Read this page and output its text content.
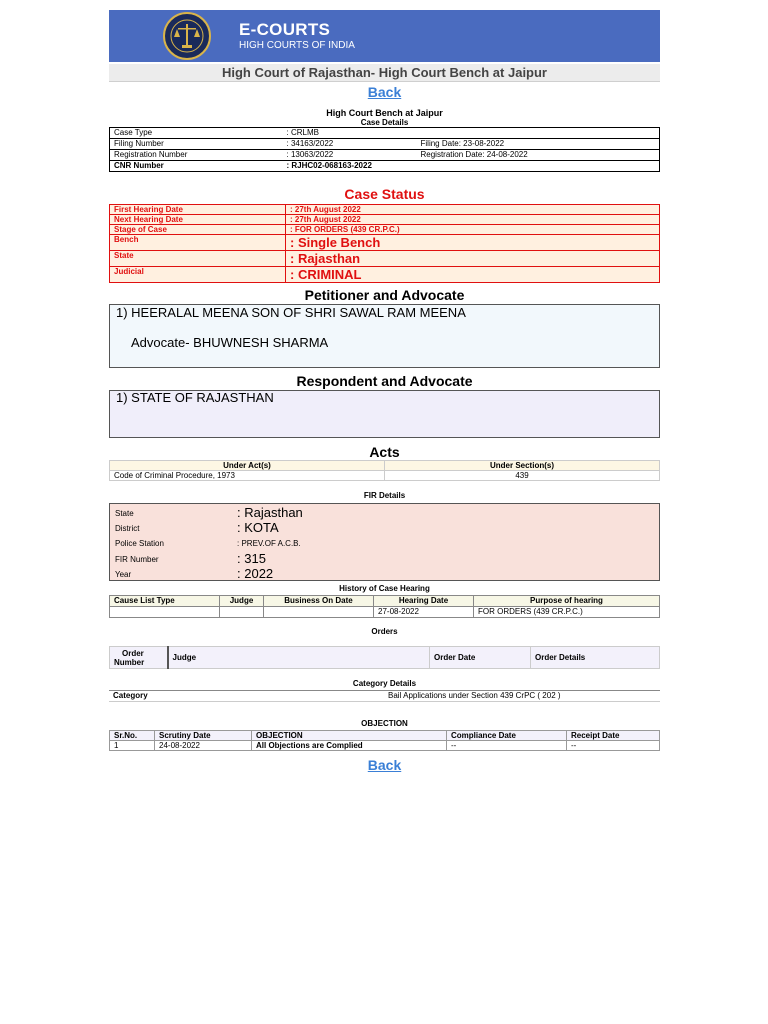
E-COURTS
HIGH COURTS OF INDIA
High Court of Rajasthan- High Court Bench at Jaipur
Back
High Court Bench at Jaipur
Case Details
Case Type	: CRLMB	
Filing Number	: 34163/2022	Filing Date: 23-08-2022
Registration Number	: 13063/2022	Registration Date: 24-08-2022
CNR Number	: RJHC02-068163-2022	
Case Status
First Hearing Date	: 27th August 2022
Next Hearing Date	: 27th August 2022
Stage of Case	: FOR ORDERS (439 CR.P.C.)
Bench	: Single Bench
State	: Rajasthan
Judicial	: CRIMINAL
Petitioner and Advocate
1) HEERALAL MEENA SON OF SHRI SAWAL RAM MEENA
Advocate- BHUWNESH SHARMA
Respondent and Advocate
1) STATE OF RAJASTHAN
Acts
Under Act(s)	Under Section(s)
Code of Criminal Procedure, 1973	439
FIR Details
State	: Rajasthan
District	: KOTA
Police Station	: PREV.OF A.C.B.
FIR Number	: 315
Year	: 2022
History of Case Hearing
Cause List Type	Judge	Business On Date	Hearing Date	Purpose of hearing
			27-08-2022	FOR ORDERS (439 CR.P.C.)
Orders
Order
Number	Judge	Order Date	Order Details
Category Details
Category	Bail Applications under Section 439 CrPC ( 202 )
OBJECTION
Sr.No.	Scrutiny Date	OBJECTION	Compliance Date	Receipt Date
1	24-08-2022	All Objections are Complied	--	--
Back
